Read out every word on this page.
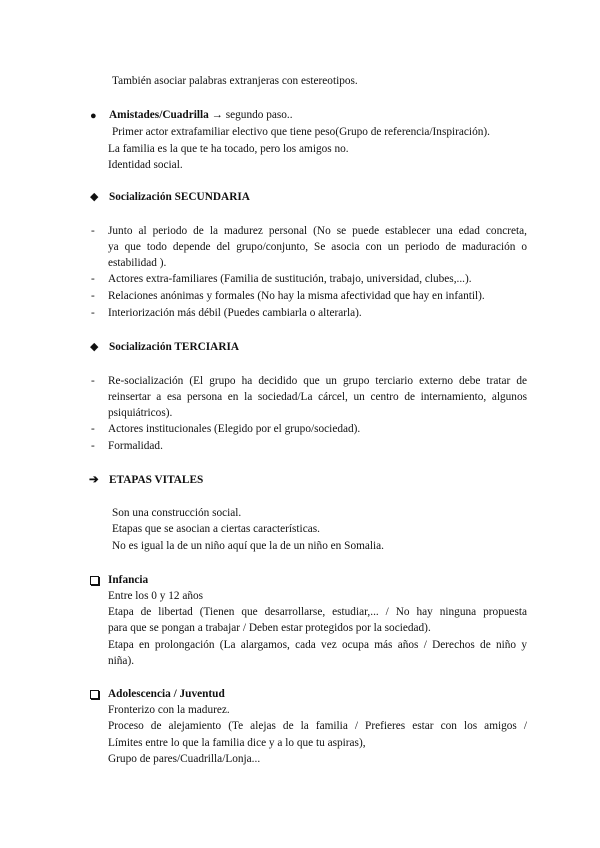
También asociar palabras extranjeras con estereotipos.
● Amistades/Cuadrilla → segundo paso..
Primer actor extrafamiliar electivo que tiene peso(Grupo de referencia/Inspiración).
La familia es la que te ha tocado, pero los amigos no.
Identidad social.
◆ Socialización SECUNDARIA
- Junto al periodo de la madurez personal (No se puede establecer una edad concreta,
ya que todo depende del grupo/conjunto, Se asocia con un periodo de maduración o
estabilidad ).
- Actores extra-familiares (Familia de sustitución, trabajo, universidad, clubes,...).
- Relaciones anónimas y formales (No hay la misma afectividad que hay en infantil).
- Interiorización más débil (Puedes cambiarla o alterarla).
◆ Socialización TERCIARIA
- Re-socialización (El grupo ha decidido que un grupo terciario externo debe tratar de
reinsertar a esa persona en la sociedad/La cárcel, un centro de internamiento, algunos
psiquiátricos).
- Actores institucionales (Elegido por el grupo/sociedad).
- Formalidad.
➔ ETAPAS VITALES
Son una construcción social.
Etapas que se asocian a ciertas características.
No es igual la de un niño aquí que la de un niño en Somalia.
Infancia
Entre los 0 y 12 años
Etapa de libertad (Tienen que desarrollarse, estudiar,... / No hay ninguna propuesta
para que se pongan a trabajar / Deben estar protegidos por la sociedad).
Etapa en prolongación (La alargamos, cada vez ocupa más años / Derechos de niño y
niña).
Adolescencia / Juventud
Fronterizo con la madurez.
Proceso de alejamiento (Te alejas de la familia / Prefieres estar con los amigos /
Límites entre lo que la familia dice y a lo que tu aspiras),
Grupo de pares/Cuadrilla/Lonja...
